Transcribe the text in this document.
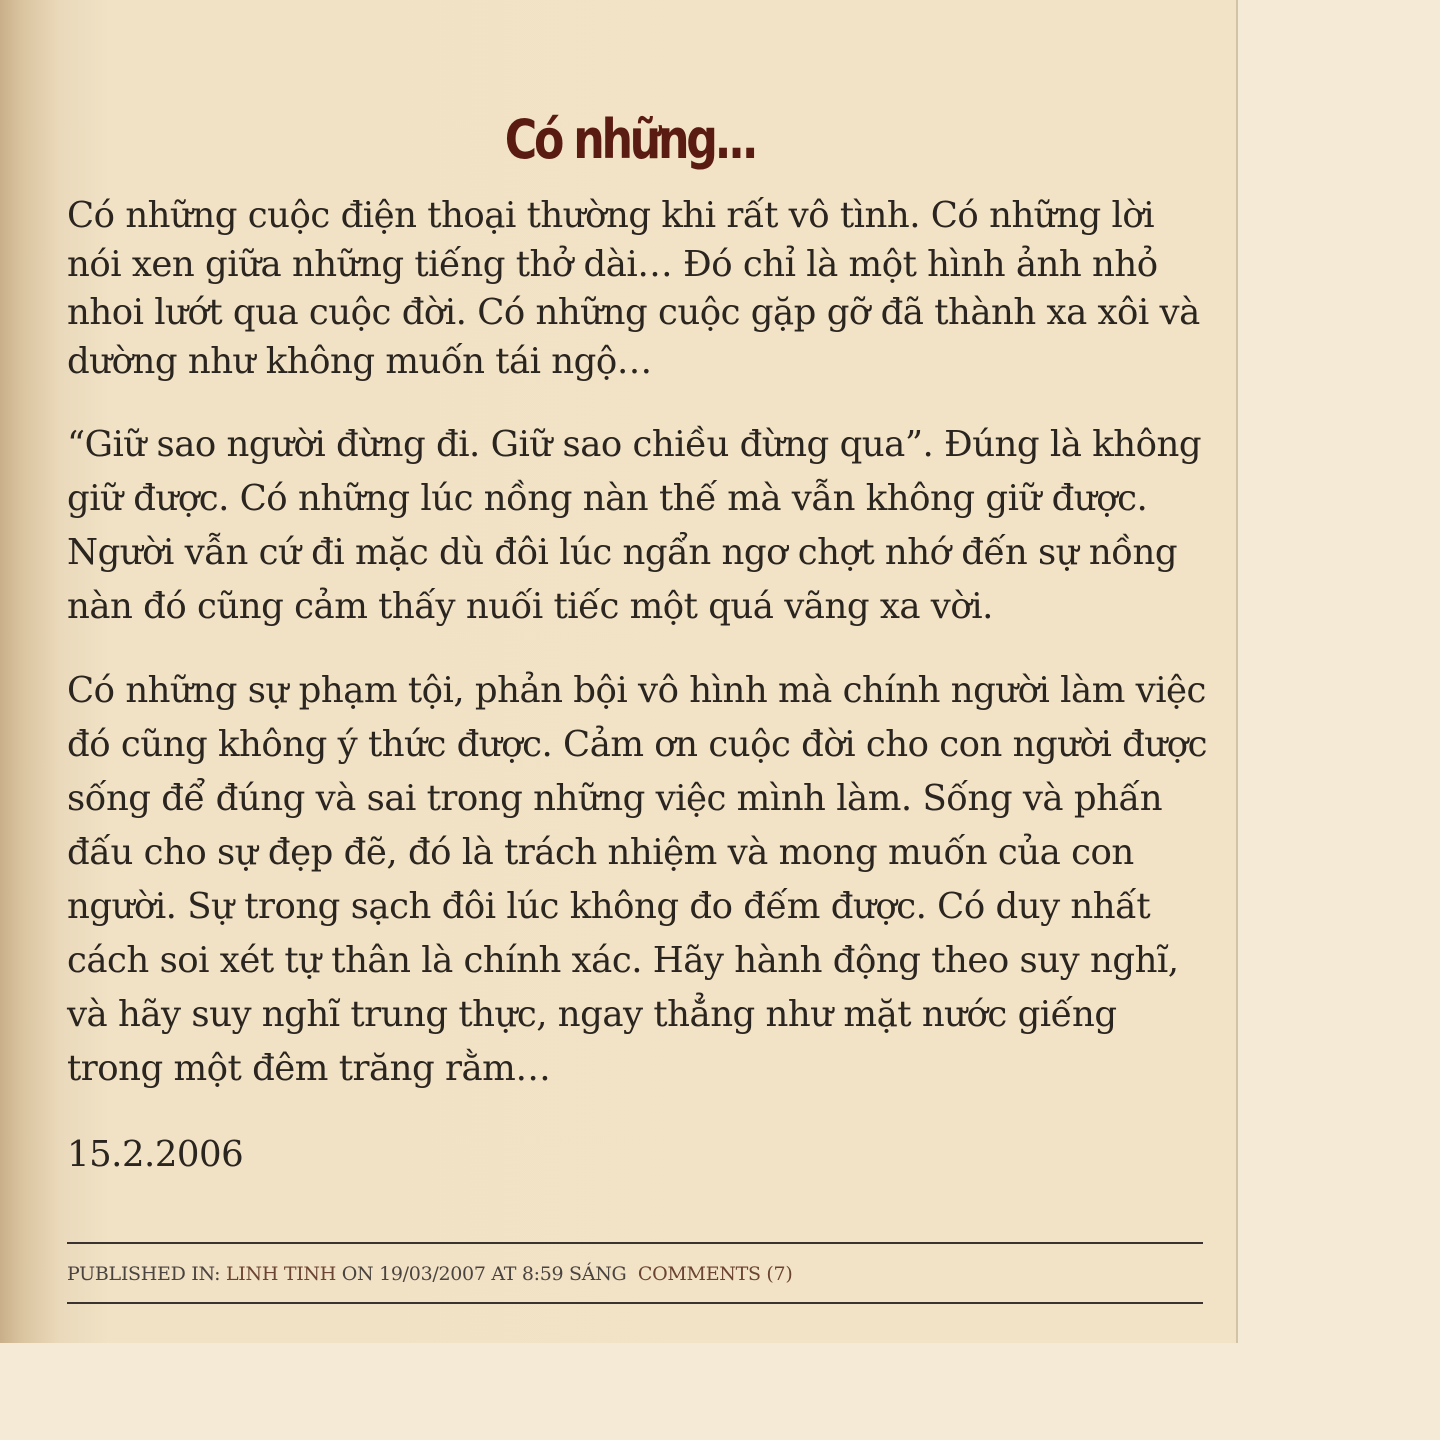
Có những...

Có những cuộc điện thoại thường khi rất vô tình. Có những lời nói xen giữa những tiếng thở dài… Đó chỉ là một hình ảnh nhỏ nhoi lướt qua cuộc đời. Có những cuộc gặp gỡ đã thành xa xôi và dường như không muốn tái ngộ…

“Giữ sao người đừng đi. Giữ sao chiều đừng qua”. Đúng là không giữ được. Có những lúc nồng nàn thế mà vẫn không giữ được. Người vẫn cứ đi mặc dù đôi lúc ngẩn ngơ chợt nhớ đến sự nồng nàn đó cũng cảm thấy nuối tiếc một quá vãng xa vời.

Có những sự phạm tội, phản bội vô hình mà chính người làm việc đó cũng không ý thức được. Cảm ơn cuộc đời cho con người được sống để đúng và sai trong những việc mình làm. Sống và phấn đấu cho sự đẹp đẽ, đó là trách nhiệm và mong muốn của con người. Sự trong sạch đôi lúc không đo đếm được. Có duy nhất cách soi xét tự thân là chính xác. Hãy hành động theo suy nghĩ, và hãy suy nghĩ trung thực, ngay thẳng như mặt nước giếng trong một đêm trăng rằm…

15.2.2006

PUBLISHED IN: LINH TINH ON 19/03/2007 AT 8:59 SÁNG COMMENTS (7)
